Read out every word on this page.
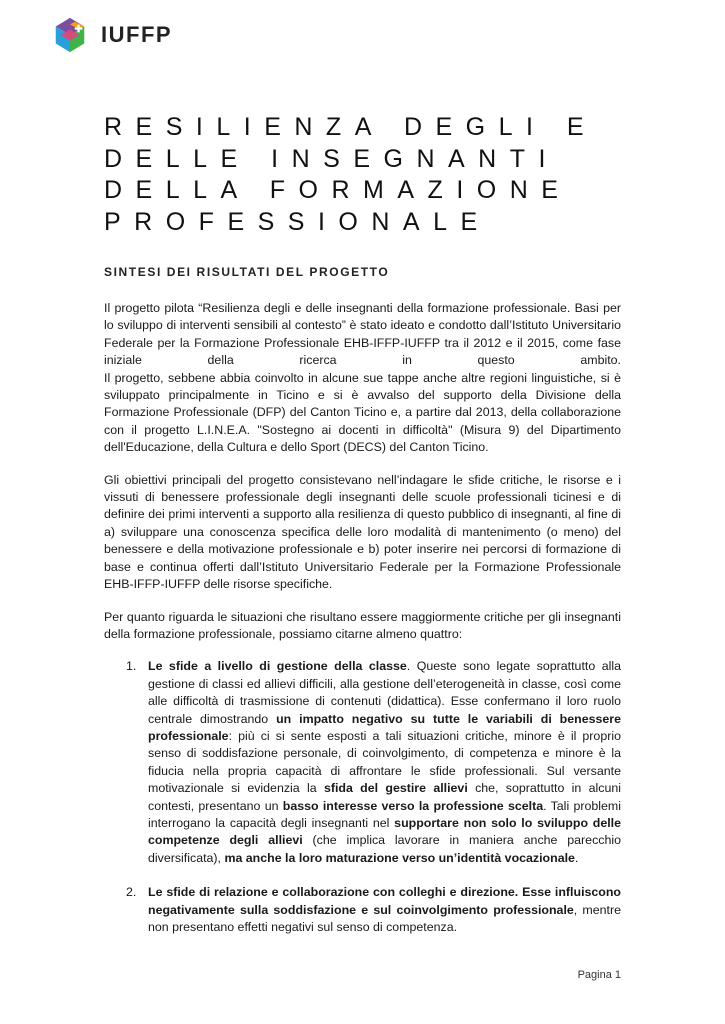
IUFFP
RESILIENZA DEGLI E
DELLE INSEGNANTI
DELLA FORMAZIONE
PROFESSIONALE
SINTESI DEI RISULTATI DEL PROGETTO

Il progetto pilota “Resilienza degli e delle insegnanti della formazione professionale. Basi per lo sviluppo di interventi sensibili al contesto” è stato ideato e condotto dall’Istituto Universitario Federale per la Formazione Professionale EHB-IFFP-IUFFP tra il 2012 e il 2015, come fase iniziale della ricerca in questo ambito.
Il progetto, sebbene abbia coinvolto in alcune sue tappe anche altre regioni linguistiche, si è sviluppato principalmente in Ticino e si è avvalso del supporto della Divisione della Formazione Professionale (DFP) del Canton Ticino e, a partire dal 2013, della collaborazione con il progetto L.I.N.E.A. "Sostegno ai docenti in difficoltà" (Misura 9) del Dipartimento dell'Educazione, della Cultura e dello Sport (DECS) del Canton Ticino.

Gli obiettivi principali del progetto consistevano nell’indagare le sfide critiche, le risorse e i vissuti di benessere professionale degli insegnanti delle scuole professionali ticinesi e di definire dei primi interventi a supporto alla resilienza di questo pubblico di insegnanti, al fine di a) sviluppare una conoscenza specifica delle loro modalità di mantenimento (o meno) del benessere e della motivazione professionale e b) poter inserire nei percorsi di formazione di base e continua offerti dall’Istituto Universitario Federale per la Formazione Professionale EHB-IFFP-IUFFP delle risorse specifiche.

Per quanto riguarda le situazioni che risultano essere maggiormente critiche per gli insegnanti della formazione professionale, possiamo citarne almeno quattro:

1. Le sfide a livello di gestione della classe. Queste sono legate soprattutto alla gestione di classi ed allievi difficili, alla gestione dell’eterogeneità in classe, così come alle difficoltà di trasmissione di contenuti (didattica). Esse confermano il loro ruolo centrale dimostrando un impatto negativo su tutte le variabili di benessere professionale: più ci si sente esposti a tali situazioni critiche, minore è il proprio senso di soddisfazione personale, di coinvolgimento, di competenza e minore è la fiducia nella propria capacità di affrontare le sfide professionali. Sul versante motivazionale si evidenzia la sfida del gestire allievi che, soprattutto in alcuni contesti, presentano un basso interesse verso la professione scelta. Tali problemi interrogano la capacità degli insegnanti nel supportare non solo lo sviluppo delle competenze degli allievi (che implica lavorare in maniera anche parecchio diversificata), ma anche la loro maturazione verso un’identità vocazionale.
2. Le sfide di relazione e collaborazione con colleghi e direzione. Esse influiscono negativamente sulla soddisfazione e sul coinvolgimento professionale, mentre non presentano effetti negativi sul senso di competenza.
Pagina 1
